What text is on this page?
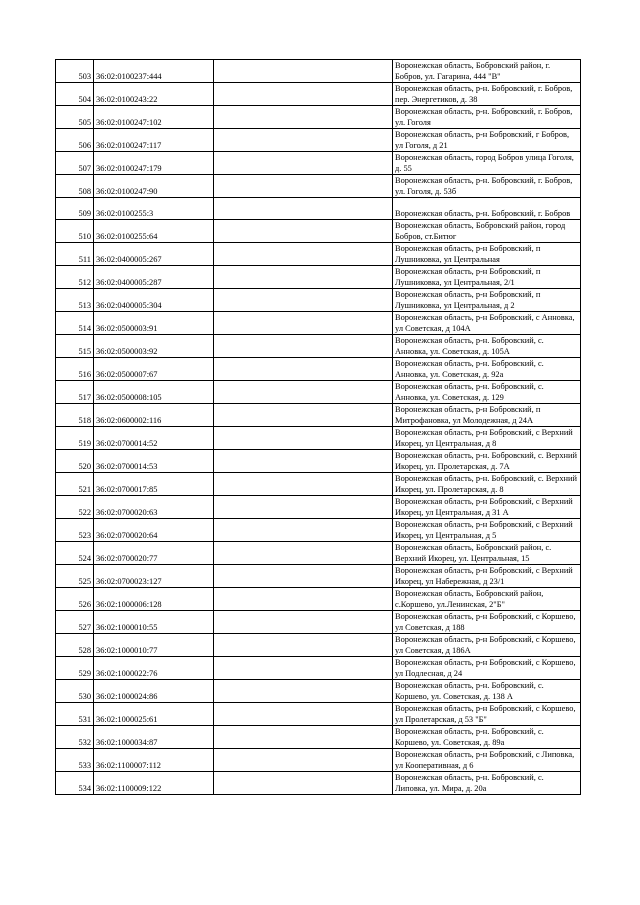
503	36:02:0100237:444		Воронежская область, Бобровский район, г. Бобров, ул. Гагарина, 444 "В"
504	36:02:0100243:22		Воронежская область, р-н. Бобровский, г. Бобров, пер. Энергетиков, д. 38
505	36:02:0100247:102		Воронежская область, р-н. Бобровский, г. Бобров, ул. Гоголя
506	36:02:0100247:117		Воронежская область, р-н Бобровский, г Бобров, ул Гоголя, д 21
507	36:02:0100247:179		Воронежская область, город Бобров улица Гоголя, д. 55
508	36:02:0100247:90		Воронежская область, р-н. Бобровский, г. Бобров, ул. Гоголя, д. 53б
509	36:02:0100255:3		Воронежская область, р-н. Бобровский, г. Бобров
510	36:02:0100255:64		Воронежская область, Бобровский район, город Бобров, ст.Битюг
511	36:02:0400005:267		Воронежская область, р-н Бобровский, п Лушниковка, ул Центральная
512	36:02:0400005:287		Воронежская область, р-н Бобровский, п Лушниковка, ул Центральная, 2/1
513	36:02:0400005:304		Воронежская область, р-н Бобровский, п Лушниковка, ул Центральная, д 2
514	36:02:0500003:91		Воронежская область, р-н Бобровский, с Анновка, ул Советская, д 104А
515	36:02:0500003:92		Воронежская область, р-н. Бобровский, с. Анновка, ул. Советская, д. 105А
516	36:02:0500007:67		Воронежская область, р-н. Бобровский, с. Анновка, ул. Советская, д. 92а
517	36:02:0500008:105		Воронежская область, р-н. Бобровский, с. Анновка, ул. Советская, д. 129
518	36:02:0600002:116		Воронежская область, р-н Бобровский, п Митрофановка, ул Молодежная, д 24А
519	36:02:0700014:52		Воронежская область, р-н Бобровский, с Верхний Икорец, ул Центральная, д 8
520	36:02:0700014:53		Воронежская область, р-н. Бобровский, с. Верхний Икорец, ул. Пролетарская, д. 7А
521	36:02:0700017:85		Воронежская область, р-н. Бобровский, с. Верхний Икорец, ул. Пролетарская, д. 8
522	36:02:0700020:63		Воронежская область, р-н Бобровский, с Верхний Икорец, ул Центральная, д 31 А
523	36:02:0700020:64		Воронежская область, р-н Бобровский, с Верхний Икорец, ул Центральная, д 5
524	36:02:0700020:77		Воронежская область, Бобровский район, с. Верхний Икорец, ул. Центральная, 15
525	36:02:0700023:127		Воронежская область, р-н Бобровский, с Верхний Икорец, ул Набережная, д 23/1
526	36:02:1000006:128		Воронежская область, Бобровский район, с.Коршево, ул.Ленинская, 2"Б"
527	36:02:1000010:55		Воронежская область, р-н Бобровский, с Коршево, ул Советская, д 188
528	36:02:1000010:77		Воронежская область, р-н Бобровский, с Коршево, ул Советская, д 186А
529	36:02:1000022:76		Воронежская область, р-н Бобровский, с Коршево, ул Подлесная, д 24
530	36:02:1000024:86		Воронежская область, р-н. Бобровский, с. Коршево, ул. Советская, д. 138 А
531	36:02:1000025:61		Воронежская область, р-н Бобровский, с Коршево, ул Пролетарская, д 53 "Б"
532	36:02:1000034:87		Воронежская область, р-н. Бобровский, с. Коршево, ул. Советская, д. 89а
533	36:02:1100007:112		Воронежская область, р-н Бобровский, с Липовка, ул Кооперативная, д 6
534	36:02:1100009:122		Воронежская область, р-н. Бобровский, с. Липовка, ул. Мира, д. 20а
